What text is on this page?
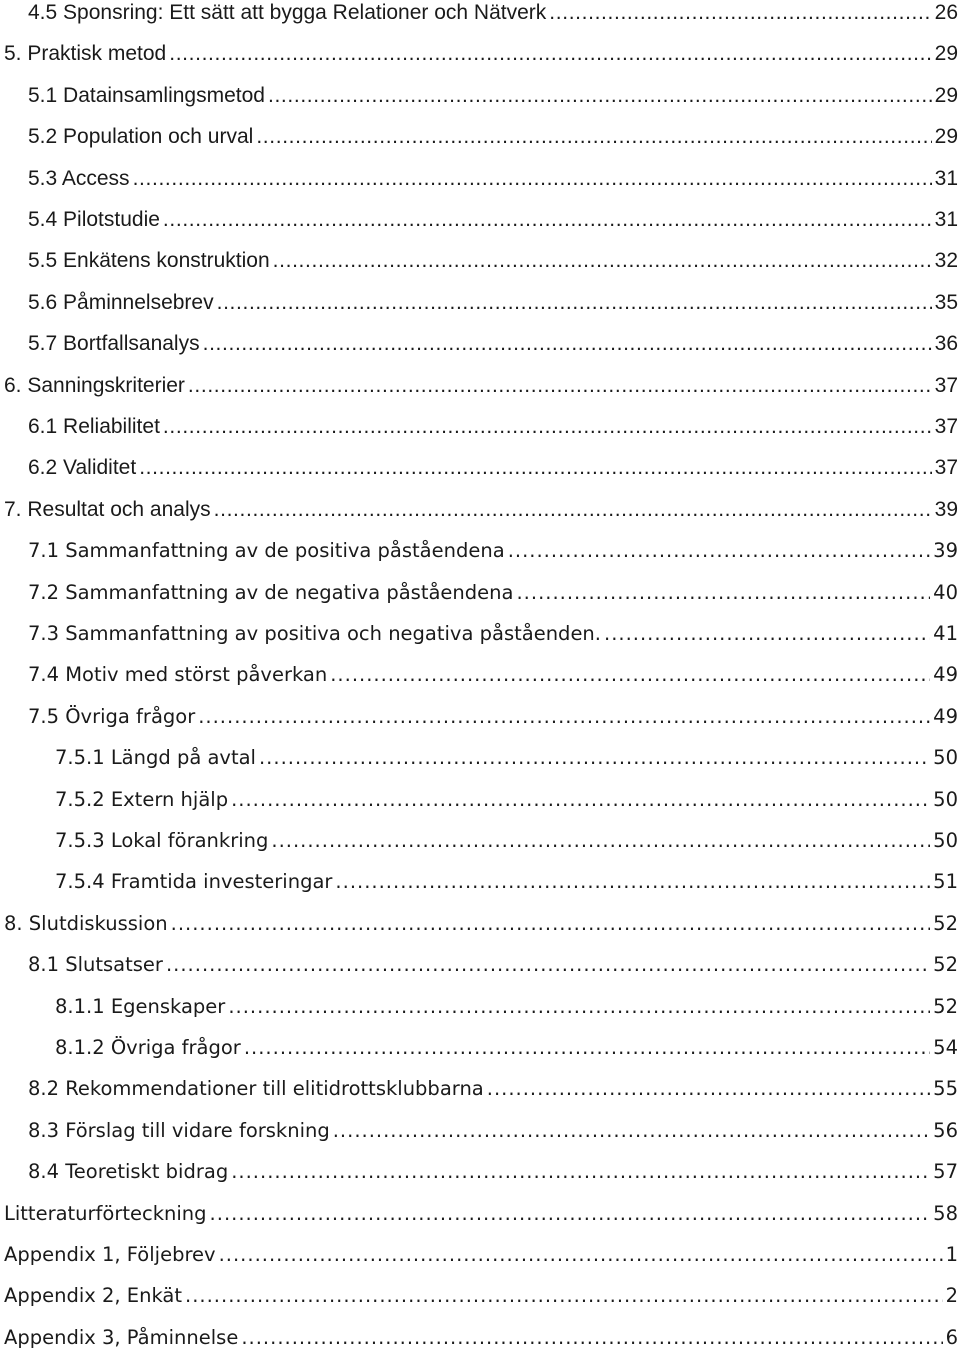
4.5 Sponsring: Ett sätt att bygga Relationer och Nätverk . . .	26
5. Praktisk metod . . .	29
5.1 Datainsamlingsmetod . . .	29
5.2 Population och urval . . .	29
5.3 Access . . .	31
5.4 Pilotstudie . . .	31
5.5 Enkätens konstruktion . . .	32
5.6 Påminnelsebrev . . .	35
5.7 Bortfallsanalys . . .	36
6. Sanningskriterier . . .	37
6.1 Reliabilitet . . .	37
6.2 Validitet . . .	37
7. Resultat och analys . . .	39
7.1 Sammanfattning av de positiva påståendena . . .	39
7.2 Sammanfattning av de negativa påståendena . . .	40
7.3 Sammanfattning av positiva och negativa påståenden. . . .	41
7.4 Motiv med störst påverkan . . .	49
7.5 Övriga frågor . . .	49
7.5.1 Längd på avtal . . .	50
7.5.2 Extern hjälp . . .	50
7.5.3 Lokal förankring . . .	50
7.5.4 Framtida investeringar . . .	51
8. Slutdiskussion . . .	52
8.1 Slutsatser . . .	52
8.1.1 Egenskaper . . .	52
8.1.2 Övriga frågor . . .	54
8.2 Rekommendationer till elitidrottsklubbarna . . .	55
8.3 Förslag till vidare forskning . . .	56
8.4 Teoretiskt bidrag . . .	57
Litteraturförteckning . . .	58
Appendix 1, Följebrev . . .	1
Appendix 2, Enkät . . .	2
Appendix 3, Påminnelse . . .	6
